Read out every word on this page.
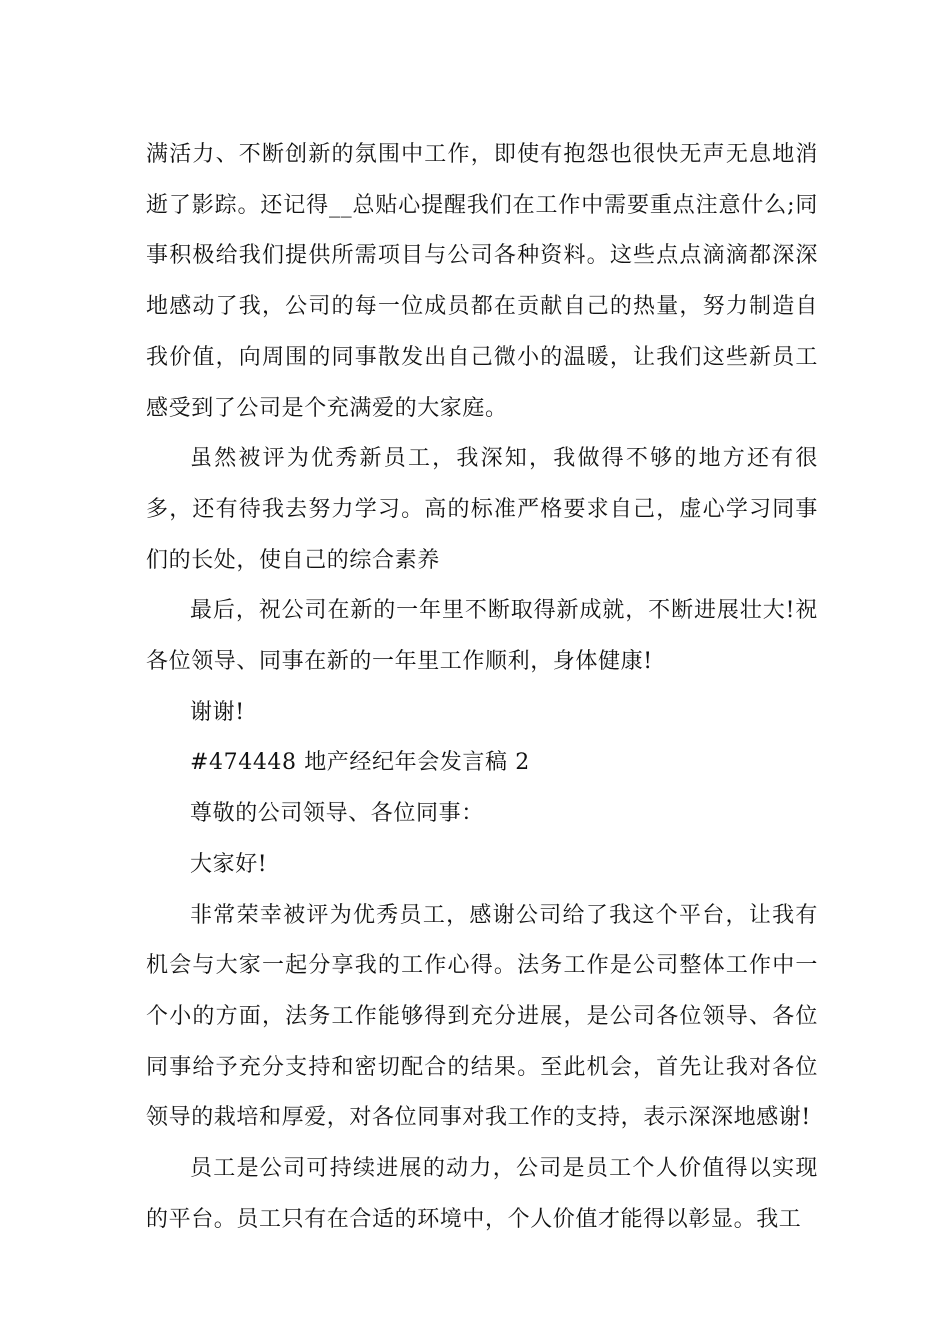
满活力、不断创新的氛围中工作，即使有抱怨也很快无声无息地消逝了影踪。还记得__总贴心提醒我们在工作中需要重点注意什么;同事积极给我们提供所需项目与公司各种资料。这些点点滴滴都深深地感动了我，公司的每一位成员都在贡献自己的热量，努力制造自我价值，向周围的同事散发出自己微小的温暖，让我们这些新员工感受到了公司是个充满爱的大家庭。

虽然被评为优秀新员工，我深知，我做得不够的地方还有很多，还有待我去努力学习。高的标准严格要求自己，虚心学习同事们的长处，使自己的综合素养

最后，祝公司在新的一年里不断取得新成就，不断进展壮大!祝各位领导、同事在新的一年里工作顺利，身体健康!

谢谢!

#474448 地产经纪年会发言稿 2

尊敬的公司领导、各位同事：

大家好!

非常荣幸被评为优秀员工，感谢公司给了我这个平台，让我有机会与大家一起分享我的工作心得。法务工作是公司整体工作中一个小的方面，法务工作能够得到充分进展，是公司各位领导、各位同事给予充分支持和密切配合的结果。至此机会，首先让我对各位领导的栽培和厚爱，对各位同事对我工作的支持，表示深深地感谢!

员工是公司可持续进展的动力，公司是员工个人价值得以实现的平台。员工只有在合适的环境中，个人价值才能得以彰显。我工
